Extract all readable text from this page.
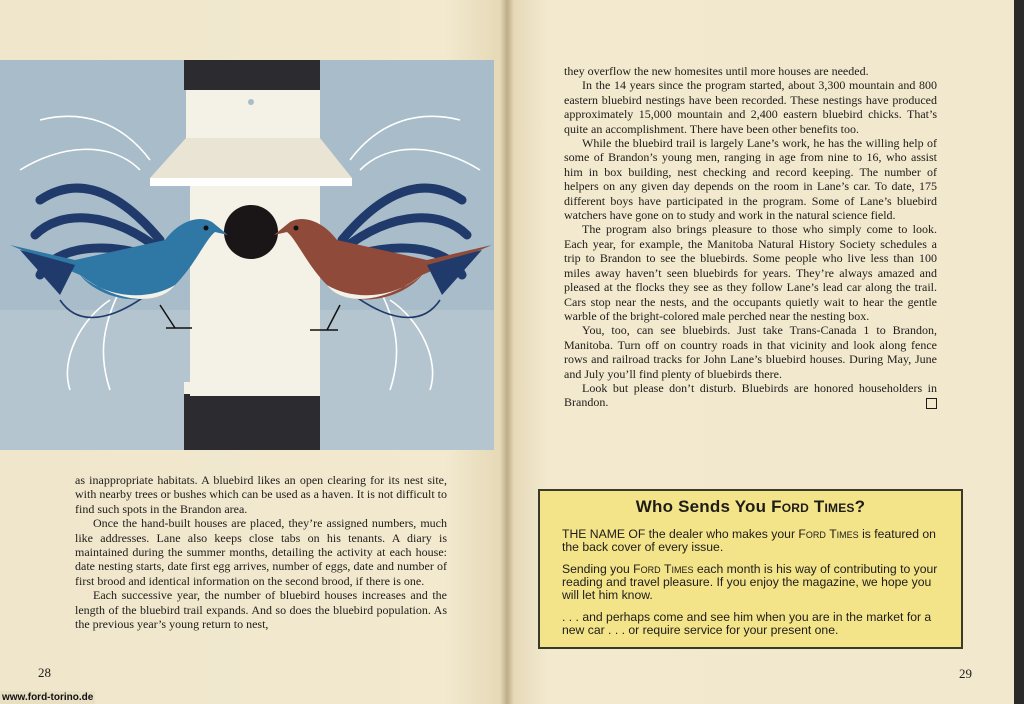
as inappropriate habitats. A bluebird likes an open clearing for its nest site, with nearby trees or bushes which can be used as a haven. It is not difficult to find such spots in the Brandon area.

Once the hand-built houses are placed, they’re assigned numbers, much like addresses. Lane also keeps close tabs on his tenants. A diary is maintained during the summer months, detailing the activity at each house: date nesting starts, date first egg arrives, number of eggs, date and number of first brood and identical information on the second brood, if there is one.

Each successive year, the number of bluebird houses increases and the length of the bluebird trail expands. And so does the bluebird population. As the previous year’s young return to nest,

28
www.ford-torino.de

they overflow the new homesites until more houses are needed.

In the 14 years since the program started, about 3,300 mountain and 800 eastern bluebird nestings have been recorded. These nestings have produced approximately 15,000 mountain and 2,400 eastern bluebird chicks. That’s quite an accomplishment. There have been other benefits too.

While the bluebird trail is largely Lane’s work, he has the willing help of some of Brandon’s young men, ranging in age from nine to 16, who assist him in box building, nest checking and record keeping. The number of helpers on any given day depends on the room in Lane’s car. To date, 175 different boys have participated in the program. Some of Lane’s bluebird watchers have gone on to study and work in the natural science field.

The program also brings pleasure to those who simply come to look. Each year, for example, the Manitoba Natural History Society schedules a trip to Brandon to see the bluebirds. Some people who live less than 100 miles away haven’t seen bluebirds for years. They’re always amazed and pleased at the flocks they see as they follow Lane’s lead car along the trail. Cars stop near the nests, and the occupants quietly wait to hear the gentle warble of the bright-colored male perched near the nesting box.

You, too, can see bluebirds. Just take Trans-Canada 1 to Brandon, Manitoba. Turn off on country roads in that vicinity and look along fence rows and railroad tracks for John Lane’s bluebird houses. During May, June and July you’ll find plenty of bluebirds there.

Look but please don’t disturb. Bluebirds are honored householders in Brandon.

Who Sends You Ford Times?

THE NAME OF the dealer who makes your Ford Times is featured on the back cover of every issue.

Sending you Ford Times each month is his way of contributing to your reading and travel pleasure. If you enjoy the magazine, we hope you will let him know.

. . . and perhaps come and see him when you are in the market for a new car . . . or require service for your present one.

29
